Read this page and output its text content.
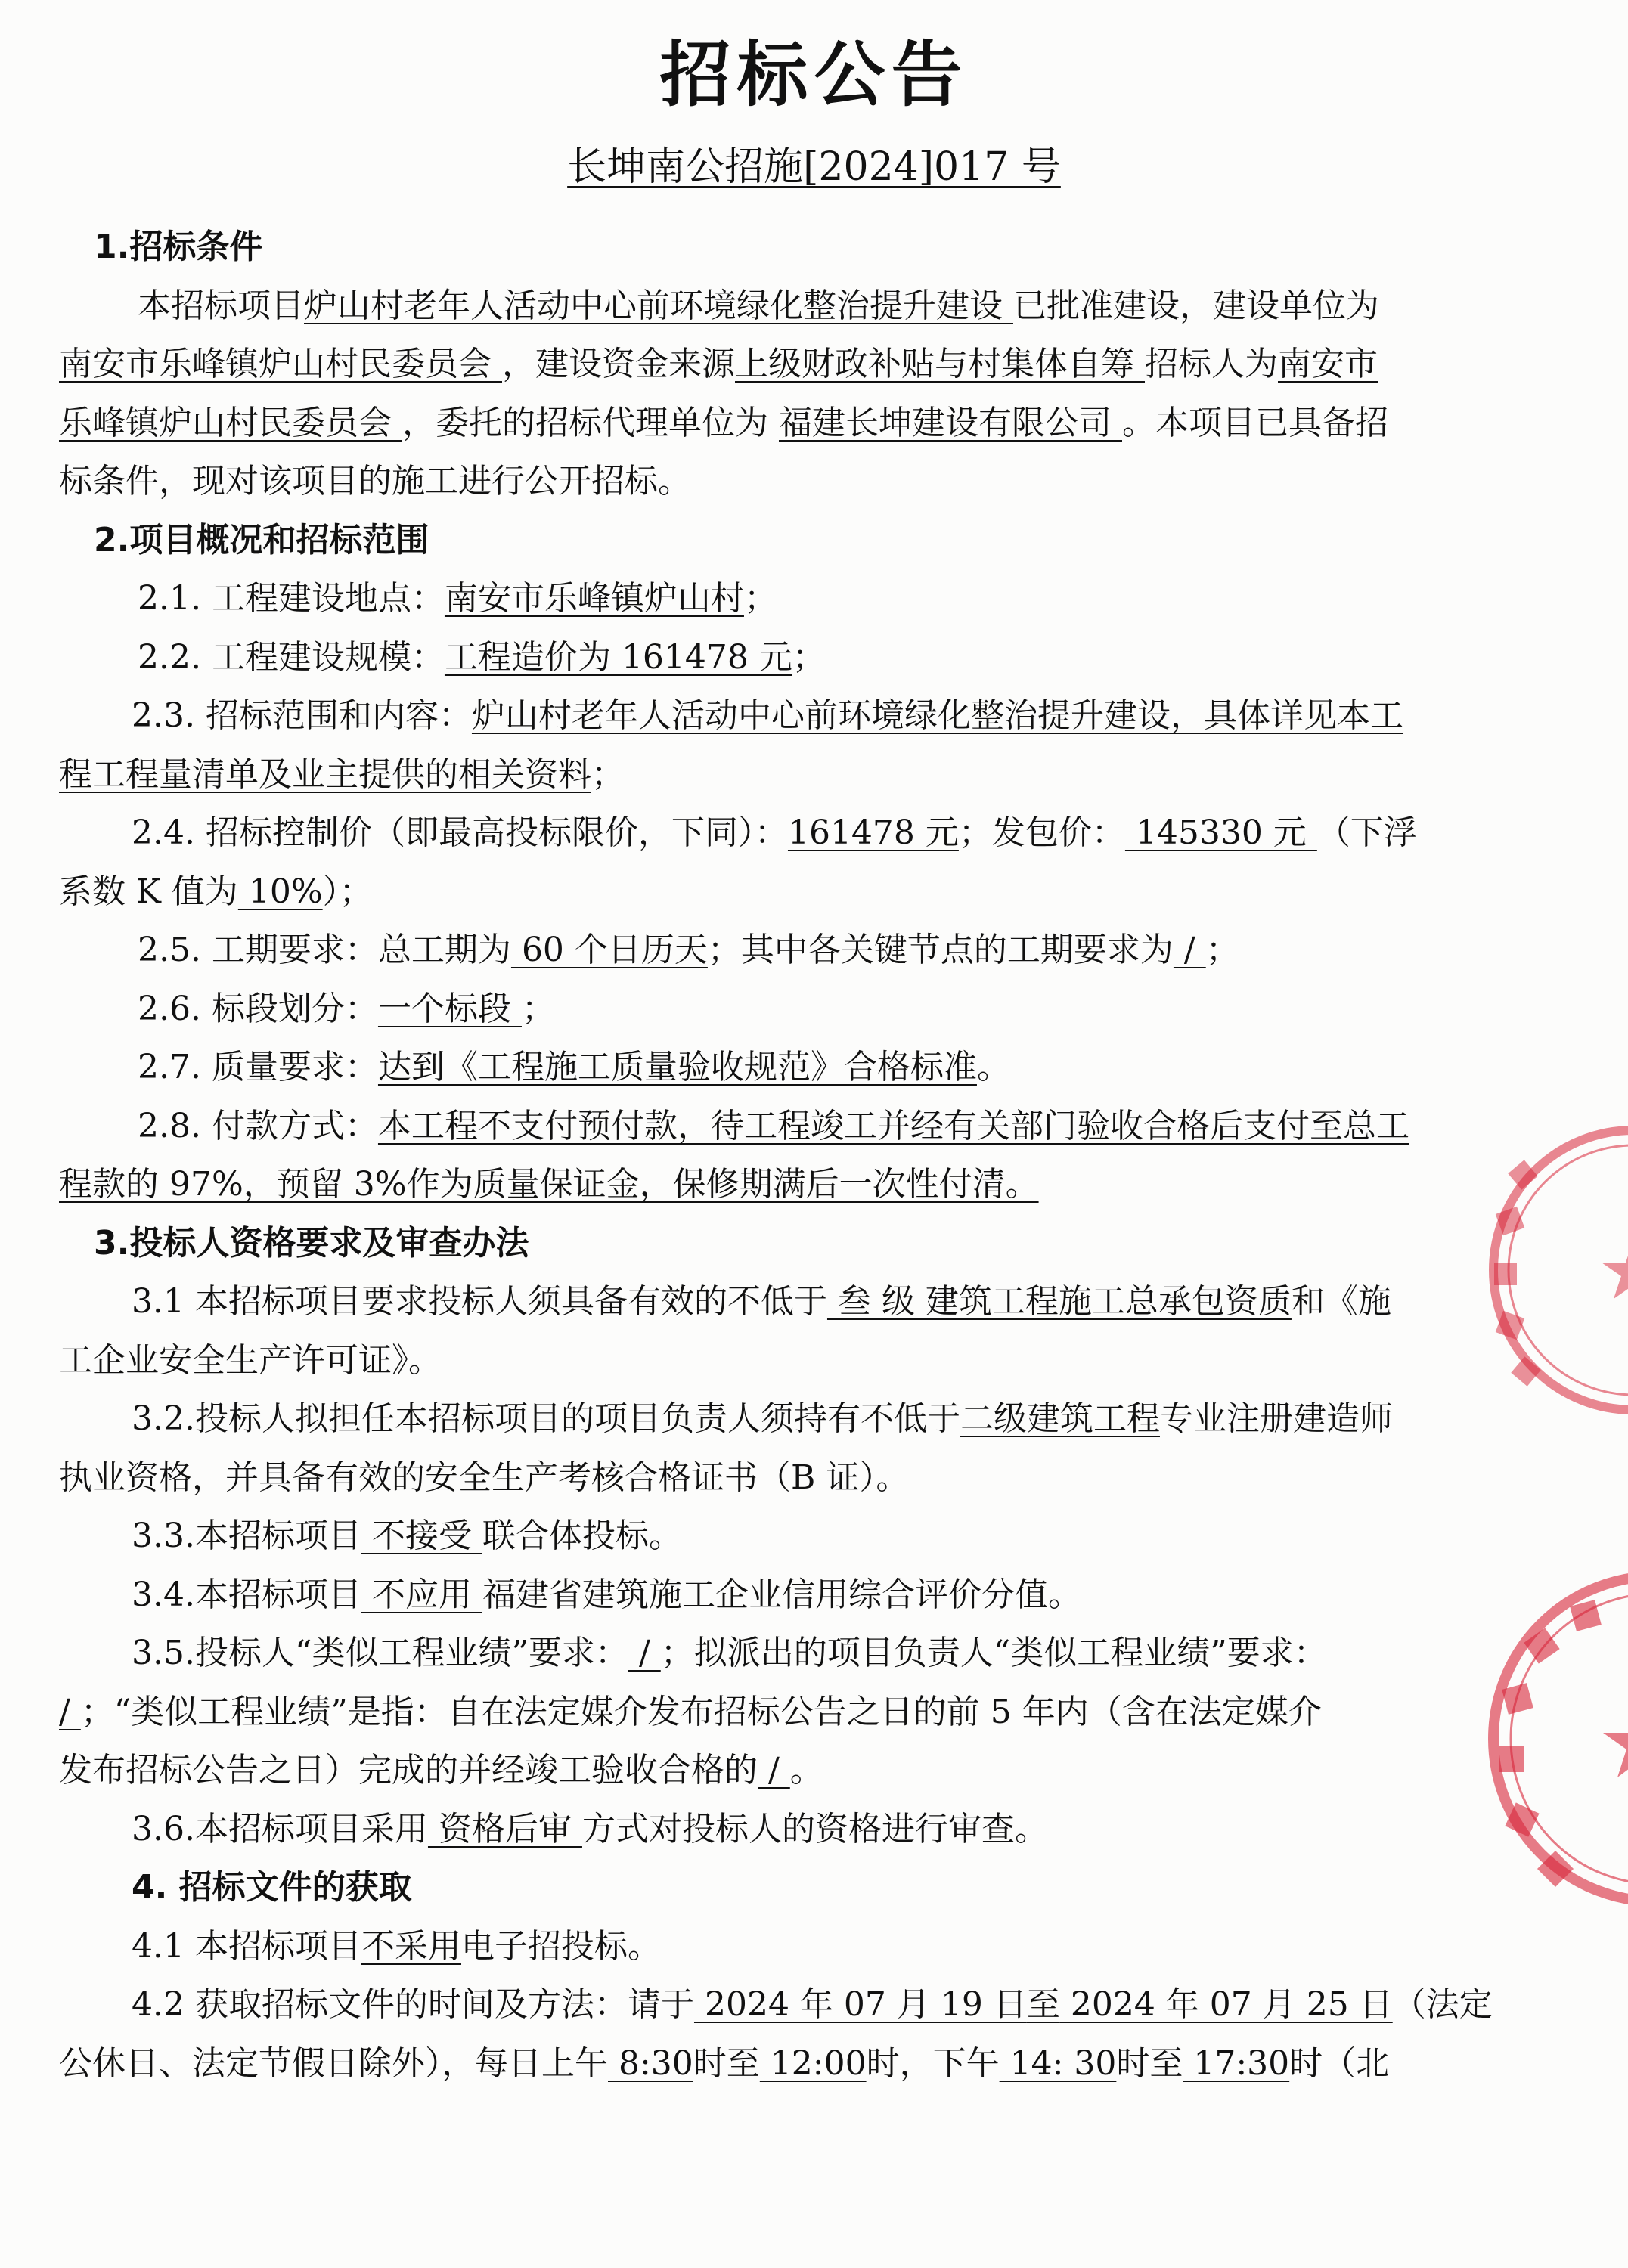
招标公告
长坤南公招施[2024]017 号

1.招标条件

本招标项目炉山村老年人活动中心前环境绿化整治提升建设 已批准建设，建设单位为

南安市乐峰镇炉山村民委员会 ，建设资金来源上级财政补贴与村集体自筹 招标人为南安市

乐峰镇炉山村民委员会 ，委托的招标代理单位为 福建长坤建设有限公司 。本项目已具备招

标条件，现对该项目的施工进行公开招标。

2.项目概况和招标范围

2.1. 工程建设地点：南安市乐峰镇炉山村；

2.2. 工程建设规模：工程造价为 161478 元；

2.3. 招标范围和内容：炉山村老年人活动中心前环境绿化整治提升建设，具体详见本工

程工程量清单及业主提供的相关资料；

2.4. 招标控制价（即最高投标限价，下同）：161478 元；发包价： 145330 元 （下浮

系数 K 值为 10%）；

2.5. 工期要求：总工期为 60 个日历天；其中各关键节点的工期要求为 / ；

2.6. 标段划分：一个标段 ；

2.7. 质量要求：达到《工程施工质量验收规范》合格标准。

2.8. 付款方式：本工程不支付预付款，待工程竣工并经有关部门验收合格后支付至总工

程款的 97%，预留 3%作为质量保证金，保修期满后一次性付清。

3.投标人资格要求及审查办法

3.1 本招标项目要求投标人须具备有效的不低于 叁 级 建筑工程施工总承包资质和《施

工企业安全生产许可证》。

3.2.投标人拟担任本招标项目的项目负责人须持有不低于二级建筑工程专业注册建造师

执业资格，并具备有效的安全生产考核合格证书（B 证）。

3.3.本招标项目 不接受 联合体投标。

3.4.本招标项目 不应用 福建省建筑施工企业信用综合评价分值。

3.5.投标人“类似工程业绩”要求： / ；拟派出的项目负责人“类似工程业绩”要求：

/ ；“类似工程业绩”是指：自在法定媒介发布招标公告之日的前 5 年内（含在法定媒介

发布招标公告之日）完成的并经竣工验收合格的 / 。

3.6.本招标项目采用 资格后审 方式对投标人的资格进行审查。

4. 招标文件的获取

4.1 本招标项目不采用电子招投标。

4.2 获取招标文件的时间及方法：请于 2024 年 07 月 19 日至 2024 年 07 月 25 日（法定

公休日、法定节假日除外），每日上午 8:30时至 12:00时，下午 14: 30时至 17:30时（北
